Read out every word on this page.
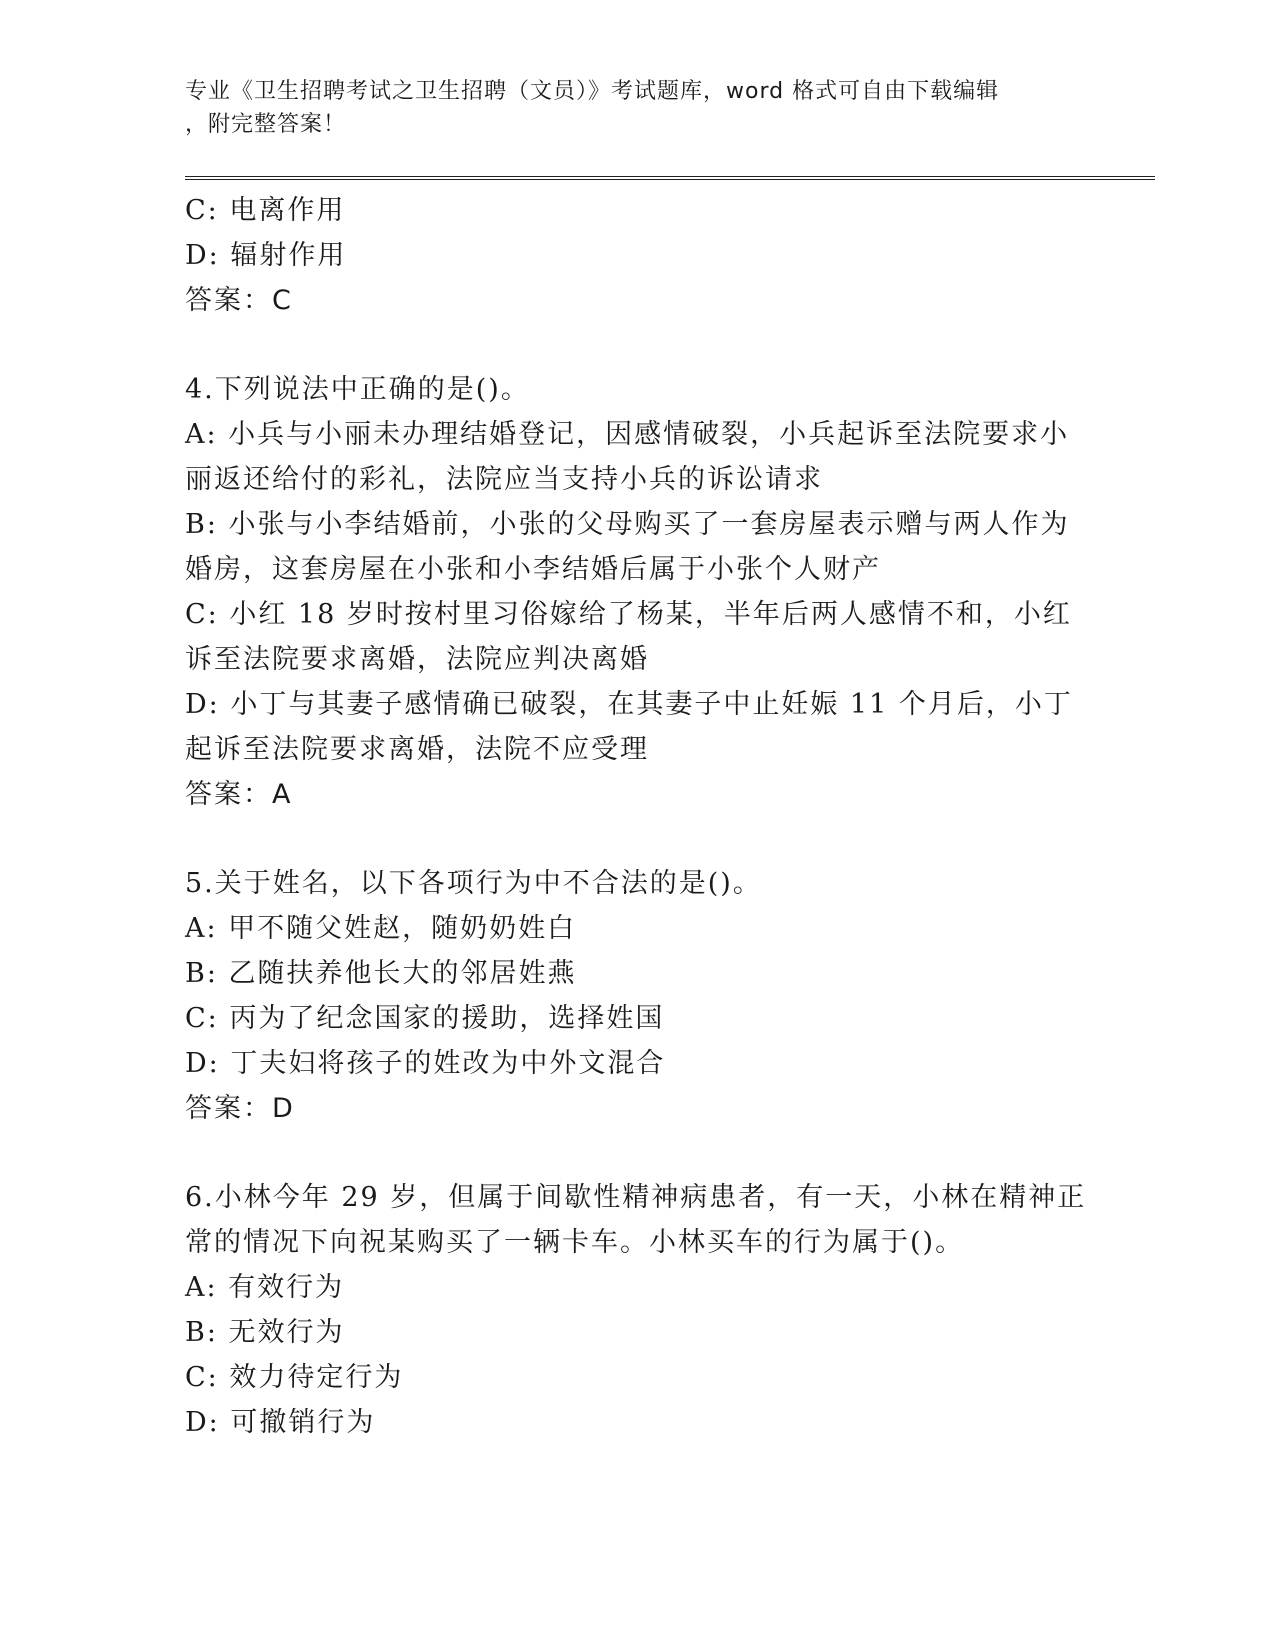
专业《卫生招聘考试之卫生招聘（文员）》考试题库，word 格式可自由下载编辑
，附完整答案！
C: 电离作用
D: 辐射作用
答案：C
4.下列说法中正确的是()。
A: 小兵与小丽未办理结婚登记，因感情破裂，小兵起诉至法院要求小
丽返还给付的彩礼，法院应当支持小兵的诉讼请求
B: 小张与小李结婚前，小张的父母购买了一套房屋表示赠与两人作为
婚房，这套房屋在小张和小李结婚后属于小张个人财产
C: 小红 18 岁时按村里习俗嫁给了杨某，半年后两人感情不和，小红
诉至法院要求离婚，法院应判决离婚
D: 小丁与其妻子感情确已破裂，在其妻子中止妊娠 11 个月后，小丁
起诉至法院要求离婚，法院不应受理
答案：A
5.关于姓名，以下各项行为中不合法的是()。
A: 甲不随父姓赵，随奶奶姓白
B: 乙随扶养他长大的邻居姓燕
C: 丙为了纪念国家的援助，选择姓国
D: 丁夫妇将孩子的姓改为中外文混合
答案：D
6.小林今年 29 岁，但属于间歇性精神病患者，有一天，小林在精神正
常的情况下向祝某购买了一辆卡车。小林买车的行为属于()。
A: 有效行为
B: 无效行为
C: 效力待定行为
D: 可撤销行为
